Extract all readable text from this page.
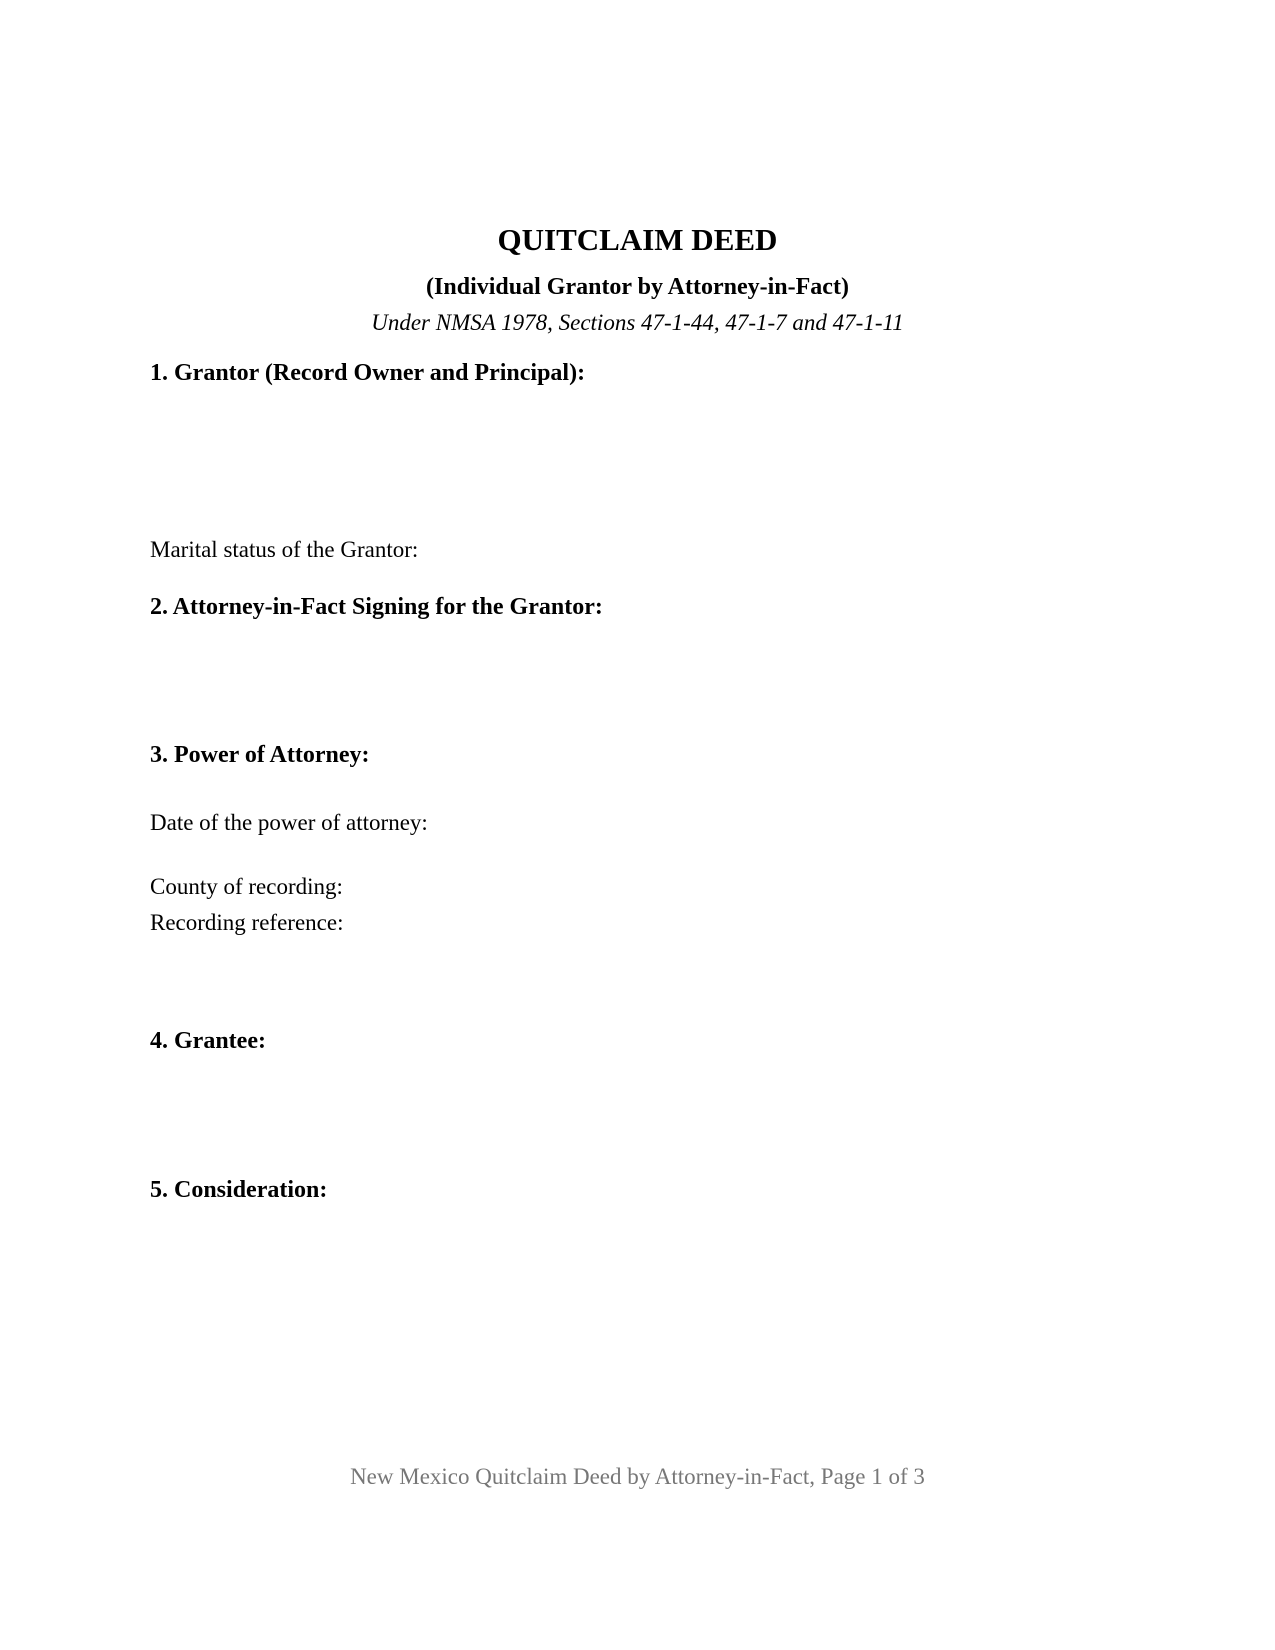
QUITCLAIM DEED
(Individual Grantor by Attorney-in-Fact)
Under NMSA 1978, Sections 47-1-44, 47-1-7 and 47-1-11
1. Grantor (Record Owner and Principal):
Marital status of the Grantor:
2. Attorney-in-Fact Signing for the Grantor:
3. Power of Attorney:
Date of the power of attorney:
County of recording:
Recording reference:
4. Grantee:
5. Consideration:
New Mexico Quitclaim Deed by Attorney-in-Fact, Page 1 of 3
